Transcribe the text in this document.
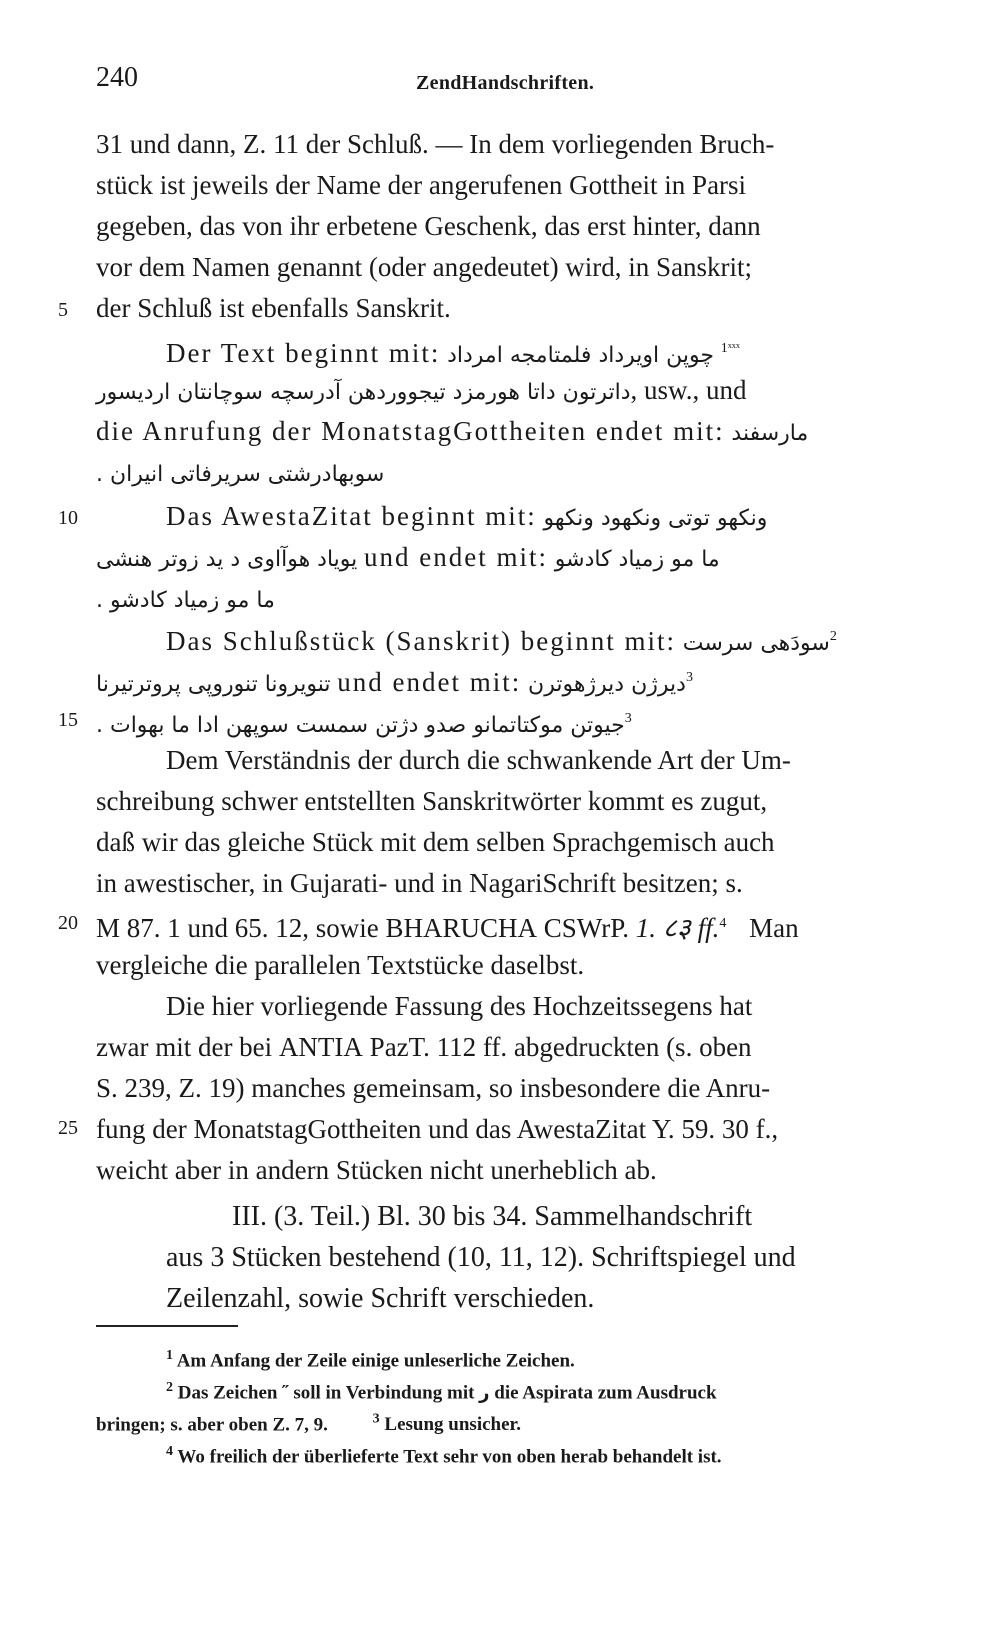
240	ZendHandschriften.
5
10
15
20
25
31 und dann, Z. 11 der Schluß. — In dem vorliegenden Bruch-
stück ist jeweils der Name der angerufenen Gottheit in Parsi
gegeben, das von ihr erbetene Geschenk, das erst hinter, dann
vor dem Namen genannt (oder angedeutet) wird, in Sanskrit;
der Schluß ist ebenfalls Sanskrit.
Der Text beginnt mit: چوپن اویرداد فلمتامجه امرداد $^{1ˣˣˣ}$
داترتون داتا هورمزد تیجوورده‍ن آدرسچه سوچانتان اردیسور, usw., und
die Anrufung der MonatstagGottheiten endet mit: مارسفند
سوبهادرشتی سریرفاتی انیران .
Das AwestaZitat beginnt mit: ونکهو توتی ونکهود ونکهو
یوياد هوآاوی د ید زوتر هنشی und endet mit: ما مو زمیاد کادشو
ما مو زمیاد کادشو .
Das Schlußstück (Sanskrit) beginnt mit: سودَهی سرست$^2$
تنویرونا تنوروپی پروترتیرنا und endet mit: دیرژن دیرژهوترن$^3$
جیوتن موکتاتمانو صدو دژتن سمست سوپهن ادا ما بهوات .$^3$
Dem Verständnis der durch die schwankende Art der Um-
schreibung schwer entstellten Sanskritwörter kommt es zugut,
daß wir das gleiche Stück mit dem selben Sprachgemisch auch
in awestischer, in Gujarati- und in NagariSchrift besitzen; s.
M 87. 1 und 65. 12, sowie BHARUCHA CSWrP. 1. ८३ ff.$^4$ Man
vergleiche die parallelen Textstücke daselbst.
Die hier vorliegende Fassung des Hochzeitssegens hat
zwar mit der bei ANTIA PazT. 112 ff. abgedruckten (s. oben
S. 239, Z. 19) manches gemeinsam, so insbesondere die Anru-
fung der MonatstagGottheiten und das AwestaZitat Y. 59. 30 f.,
weicht aber in andern Stücken nicht unerheblich ab.
III. (3. Teil.) Bl. 30 bis 34. Sammelhandschrift
aus 3 Stücken bestehend (10, 11, 12). Schriftspiegel und
Zeilenzahl, sowie Schrift verschieden.
$^1$ Am Anfang der Zeile einige unleserliche Zeichen.
$^2$ Das Zeichen ˝ soll in Verbindung mit ﺭ die Aspirata zum Ausdruck
bringen; s. aber oben Z. 7, 9.	$^3$ Lesung unsicher.
$^4$ Wo freilich der überlieferte Text sehr von oben herab behandelt ist.
